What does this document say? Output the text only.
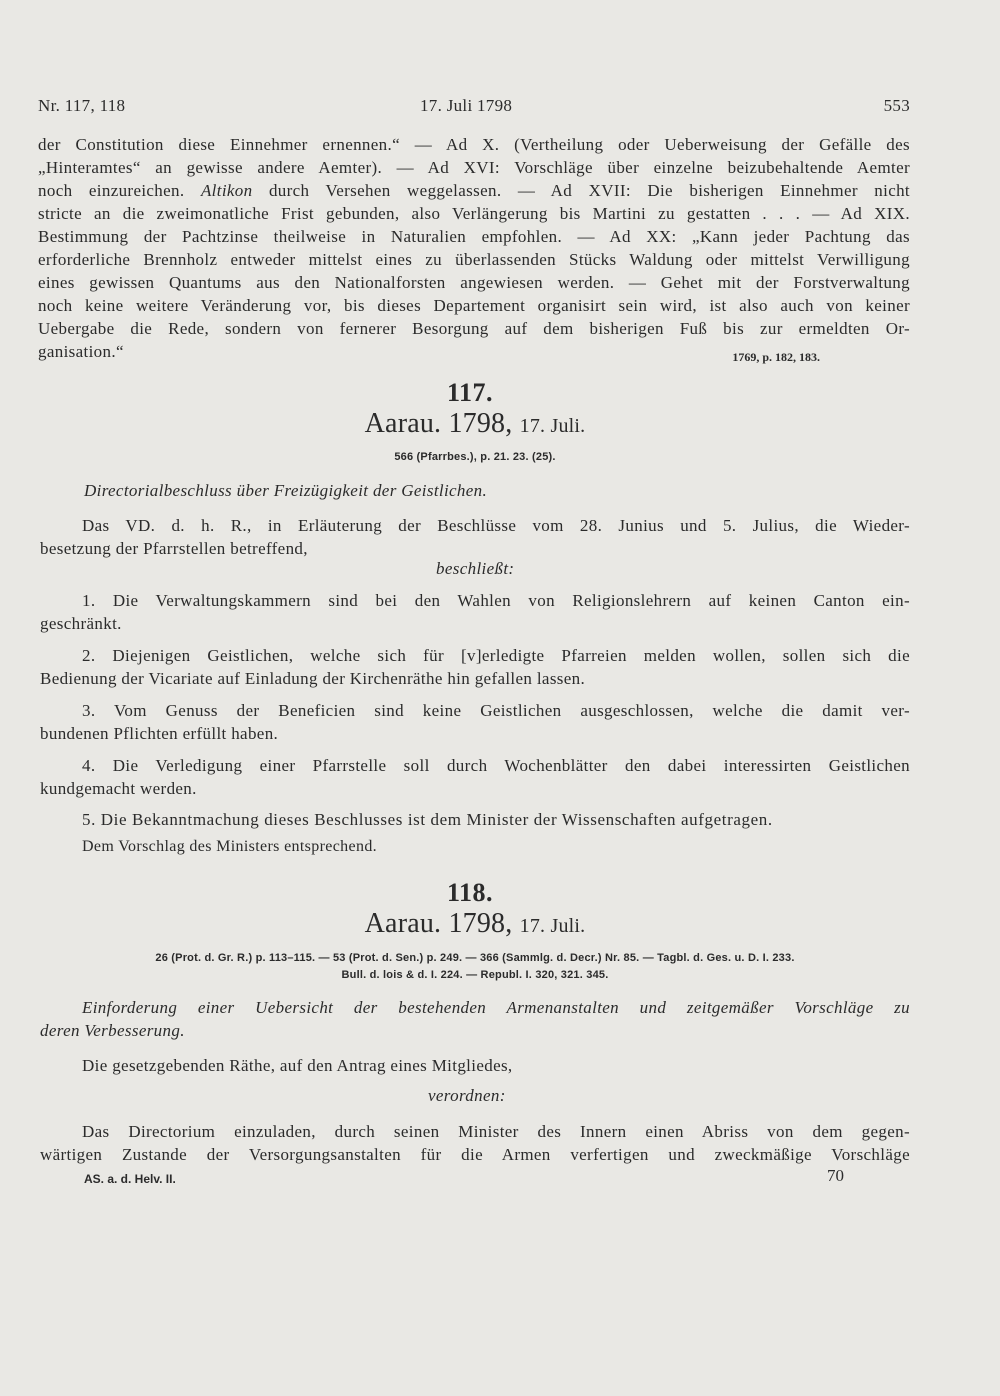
Nr. 117, 118	17. Juli 1798	553
der Constitution diese Einnehmer ernennen.“ — Ad X. (Vertheilung oder Ueberweisung der Gefälle des
„Hinteramtes“ an gewisse andere Aemter). — Ad XVI: Vorschläge über einzelne beizubehaltende Aemter
noch einzureichen. Altikon durch Versehen weggelassen. — Ad XVII: Die bisherigen Einnehmer nicht
stricte an die zweimonatliche Frist gebunden, also Verlängerung bis Martini zu gestatten . . . — Ad XIX.
Bestimmung der Pachtzinse theilweise in Naturalien empfohlen. — Ad XX: „Kann jeder Pachtung das
erforderliche Brennholz entweder mittelst eines zu überlassenden Stücks Waldung oder mittelst Verwilligung
eines gewissen Quantums aus den Nationalforsten angewiesen werden. — Gehet mit der Forstverwaltung
noch keine weitere Veränderung vor, bis dieses Departement organisirt sein wird, ist also auch von keiner
Uebergabe die Rede, sondern von fernerer Besorgung auf dem bisherigen Fuß bis zur ermeldten Or-
ganisation.“	1769, p. 182, 183.
117.
Aarau. 1798, 17. Juli.
566 (Pfarrbes.), p. 21. 23. (25).
Directorialbeschluss über Freizügigkeit der Geistlichen.
Das VD. d. h. R., in Erläuterung der Beschlüsse vom 28. Junius und 5. Julius, die Wieder-
besetzung der Pfarrstellen betreffend,
beschließt:
1. Die Verwaltungskammern sind bei den Wahlen von Religionslehrern auf keinen Canton ein-
geschränkt.
2. Diejenigen Geistlichen, welche sich für [v]erledigte Pfarreien melden wollen, sollen sich die
Bedienung der Vicariate auf Einladung der Kirchenräthe hin gefallen lassen.
3. Vom Genuss der Beneficien sind keine Geistlichen ausgeschlossen, welche die damit ver-
bundenen Pflichten erfüllt haben.
4. Die Verledigung einer Pfarrstelle soll durch Wochenblätter den dabei interessirten Geistlichen
kundgemacht werden.
5. Die Bekanntmachung dieses Beschlusses ist dem Minister der Wissenschaften aufgetragen.
Dem Vorschlag des Ministers entsprechend.
118.
Aarau. 1798, 17. Juli.
26 (Prot. d. Gr. R.) p. 113–115. — 53 (Prot. d. Sen.) p. 249. — 366 (Sammlg. d. Decr.) Nr. 85. — Tagbl. d. Ges. u. D. I. 233.
Bull. d. lois & d. I. 224. — Republ. I. 320, 321. 345.
Einforderung einer Uebersicht der bestehenden Armenanstalten und zeitgemäßer Vorschläge zu
deren Verbesserung.
Die gesetzgebenden Räthe, auf den Antrag eines Mitgliedes,
verordnen:
Das Directorium einzuladen, durch seinen Minister des Innern einen Abriss von dem gegen-
wärtigen Zustande der Versorgungsanstalten für die Armen verfertigen und zweckmäßige Vorschläge
AS. a. d. Helv. II.	70
